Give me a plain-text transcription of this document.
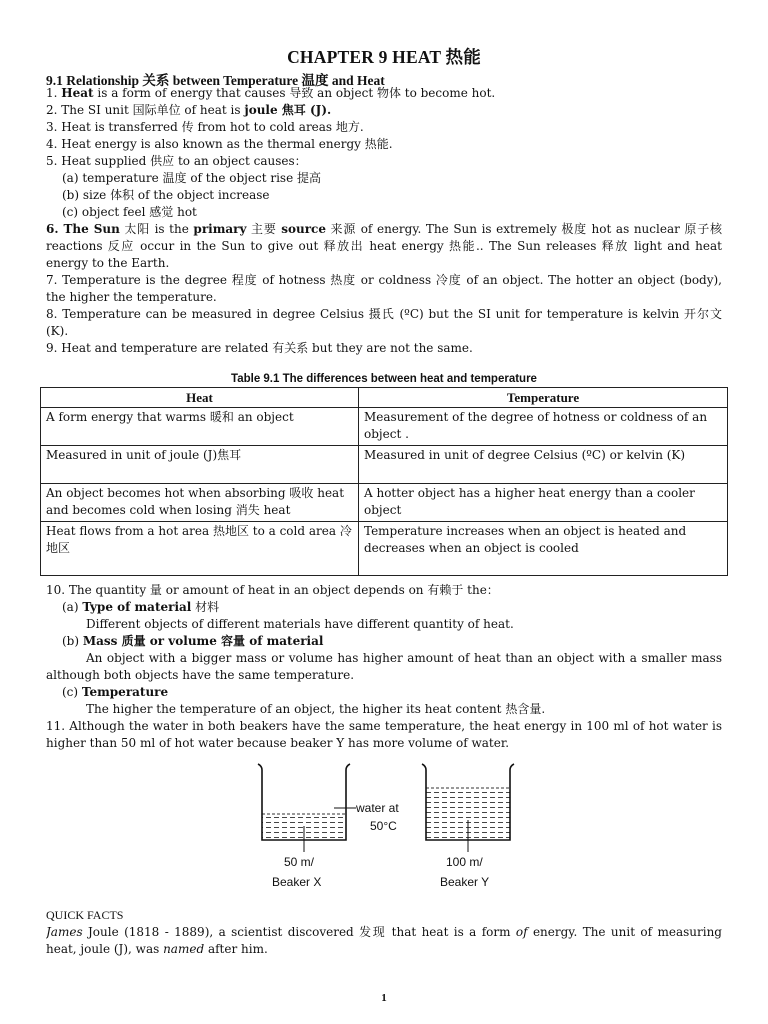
CHAPTER 9 HEAT 热能
9.1 Relationship 关系 between Temperature 温度 and Heat
1. Heat is a form of energy that causes 导致 an object 物体 to become hot.
2. The SI unit 国际单位 of heat is joule 焦耳 (J).
3. Heat is transferred 传 from hot to cold areas 地方.
4. Heat energy is also known as the thermal energy 热能.
5. Heat supplied 供应 to an object causes：
(a) temperature 温度 of the object rise 提高
(b) size 体积 of the object increase
(c) object feel 感觉 hot
6. The Sun 太阳 is the primary 主要 source 来源 of energy. The Sun is extremely 极度 hot as nuclear 原子核 reactions 反应 occur in the Sun to give out 释放出 heat energy 热能.. The Sun releases 释放 light and heat energy to the Earth.
7. Temperature is the degree 程度 of hotness 热度 or coldness 冷度 of an object. The hotter an object (body), the higher the temperature.
8. Temperature can be measured in degree Celsius 摄氏 (ºC) but the SI unit for temperature is kelvin 开尔文 (K).
9. Heat and temperature are related 有关系 but they are not the same.
Table 9.1 The differences between heat and temperature
Heat	Temperature
A form energy that warms 暖和 an object	Measurement of the degree of hotness or coldness of an object .
Measured in unit of joule (J)焦耳	Measured in unit of degree Celsius (ºC) or kelvin (K)
An object becomes hot when absorbing 吸收 heat and becomes cold when losing 消失 heat	A hotter object has a higher heat energy than a cooler object
Heat flows from a hot area 热地区 to a cold area 冷地区	Temperature increases when an object is heated and decreases when an object is cooled
10. The quantity 量 or amount of heat in an object depends on 有赖于 the：
(a) Type of material 材料
Different objects of different materials have different quantity of heat.
(b) Mass 质量 or volume 容量 of material
An object with a bigger mass or volume has higher amount of heat than an object with a smaller mass although both objects have the same temperature.
(c) Temperature
The higher the temperature of an object, the higher its heat content 热含量.
11. Although the water in both beakers have the same temperature, the heat energy in 100 ml of hot water is higher than 50 ml of hot water because beaker Y has more volume of water.
50 m/
Beaker X
100 m/
Beaker Y
water at
50°C
QUICK FACTS
James Joule (1818 - 1889), a scientist discovered 发现 that heat is a form of energy. The unit of measuring heat, joule (J), was named after him.
1
